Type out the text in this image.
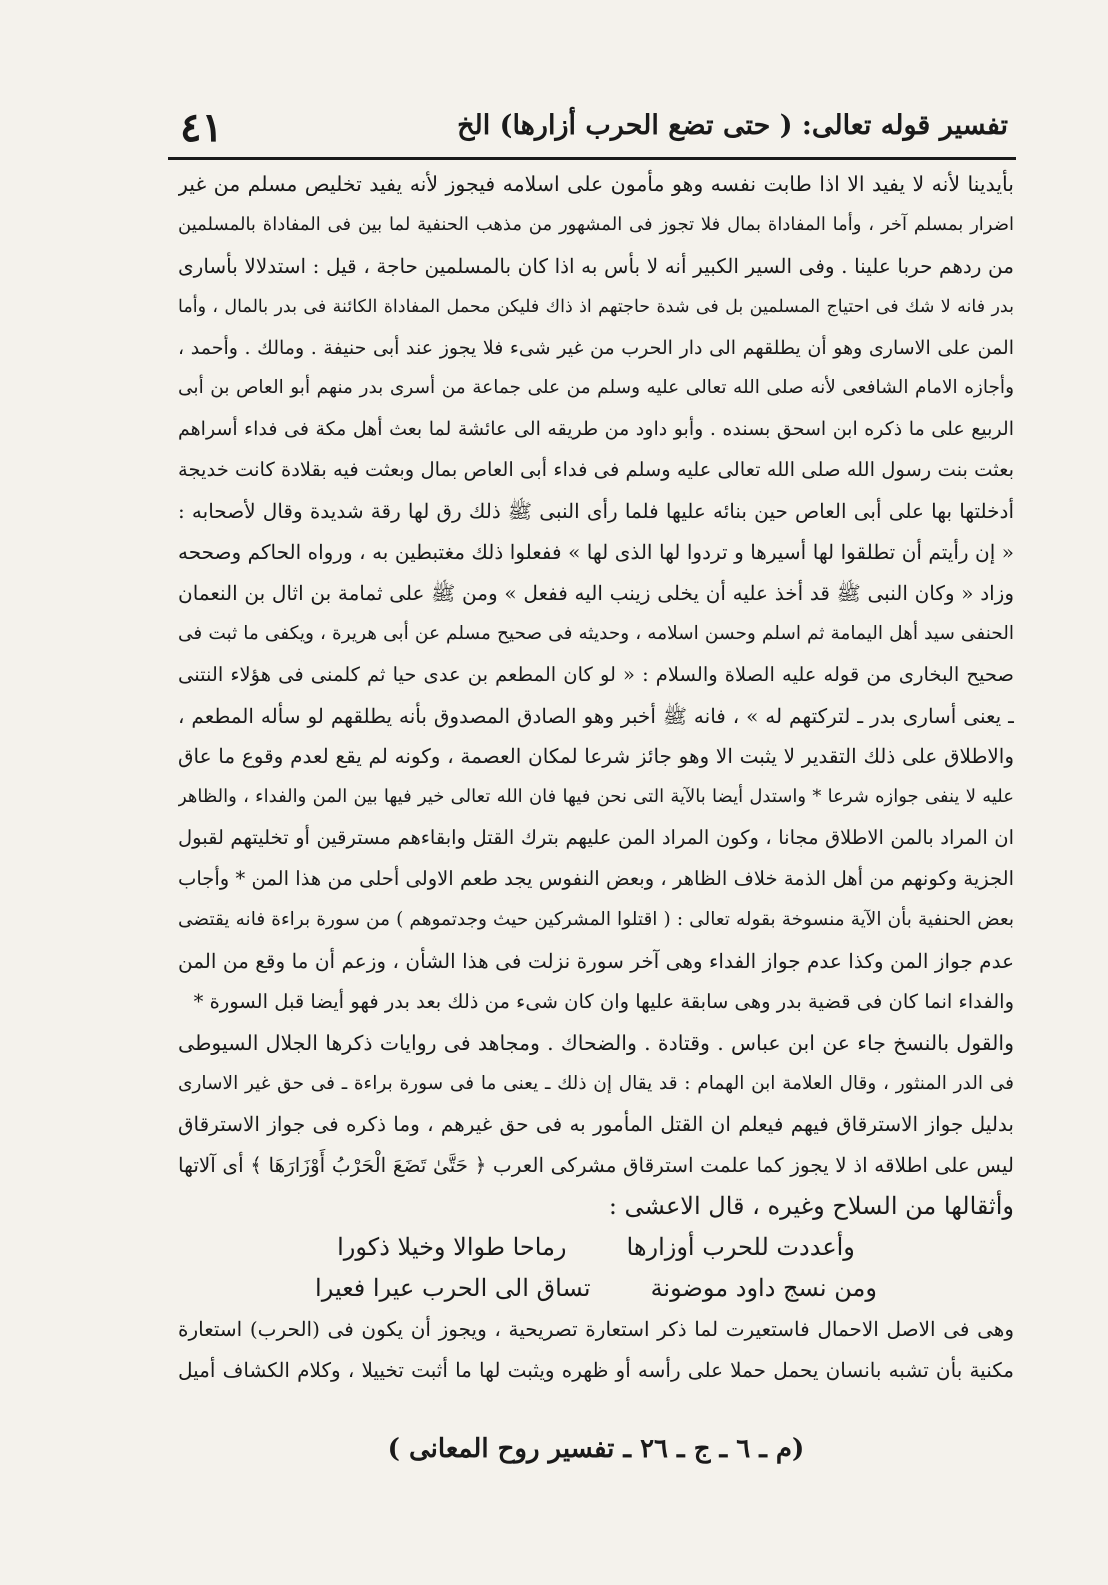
٤١	تفسير قوله تعالى: ( حتى تضع الحرب أزارها) الخ
بأيدينا لأنه لا يفيد الا اذا طابت نفسه وهو مأمون على اسلامه فيجوز لأنه يفيد تخليص مسلم من غير
اضرار بمسلم آخر ، وأما المفاداة بمال فلا تجوز فى المشهور من مذهب الحنفية لما بين فى المفاداة بالمسلمين
من ردهم حربا علينا . وفى السير الكبير أنه لا بأس به اذا كان بالمسلمين حاجة ، قيل : استدلالا بأسارى
بدر فانه لا شك فى احتياج المسلمين بل فى شدة حاجتهم اذ ذاك فليكن محمل المفاداة الكائنة فى بدر بالمال ، وأما
المن على الاسارى وهو أن يطلقهم الى دار الحرب من غير شىء فلا يجوز عند أبى حنيفة . ومالك . وأحمد ،
وأجازه الامام الشافعى لأنه صلى الله تعالى عليه وسلم من على جماعة من أسرى بدر منهم أبو العاص بن أبى
الربيع على ما ذكره ابن اسحق بسنده . وأبو داود من طريقه الى عائشة لما بعث أهل مكة فى فداء أسراهم
بعثت بنت رسول الله صلى الله تعالى عليه وسلم فى فداء أبى العاص بمال وبعثت فيه بقلادة كانت خديجة
أدخلتها بها على أبى العاص حين بنائه عليها فلما رأى النبى ﷺ ذلك رق لها رقة شديدة وقال لأصحابه :
« إن رأيتم أن تطلقوا لها أسيرها و تردوا لها الذى لها » ففعلوا ذلك مغتبطين به ، ورواه الحاكم وصححه
وزاد « وكان النبى ﷺ قد أخذ عليه أن يخلى زينب اليه ففعل » ومن ﷺ على ثمامة بن اثال بن النعمان
الحنفى سيد أهل اليمامة ثم اسلم وحسن اسلامه ، وحديثه فى صحيح مسلم عن أبى هريرة ، ويكفى ما ثبت فى
صحيح البخارى من قوله عليه الصلاة والسلام : « لو كان المطعم بن عدى حيا ثم كلمنى فى هؤلاء النتنى
ـ يعنى أسارى بدر ـ لتركتهم له » ، فانه ﷺ أخبر وهو الصادق المصدوق بأنه يطلقهم لو سأله المطعم ،
والاطلاق على ذلك التقدير لا يثبت الا وهو جائز شرعا لمكان العصمة ، وكونه لم يقع لعدم وقوع ما عاق
عليه لا ينفى جوازه شرعا * واستدل أيضا بالآية التى نحن فيها فان الله تعالى خير فيها بين المن والفداء ، والظاهر
ان المراد بالمن الاطلاق مجانا ، وكون المراد المن عليهم بترك القتل وابقاءهم مسترقين أو تخليتهم لقبول
الجزية وكونهم من أهل الذمة خلاف الظاهر ، وبعض النفوس يجد طعم الاولى أحلى من هذا المن * وأجاب
بعض الحنفية بأن الآية منسوخة بقوله تعالى : ( اقتلوا المشركين حيث وجدتموهم ) من سورة براءة فانه يقتضى
عدم جواز المن وكذا عدم جواز الفداء وهى آخر سورة نزلت فى هذا الشأن ، وزعم أن ما وقع من المن
والفداء انما كان فى قضية بدر وهى سابقة عليها وان كان شىء من ذلك بعد بدر فهو أيضا قبل السورة *
والقول بالنسخ جاء عن ابن عباس . وقتادة . والضحاك . ومجاهد فى روايات ذكرها الجلال السيوطى
فى الدر المنثور ، وقال العلامة ابن الهمام : قد يقال إن ذلك ـ يعنى ما فى سورة براءة ـ فى حق غير الاسارى
بدليل جواز الاسترقاق فيهم فيعلم ان القتل المأمور به فى حق غيرهم ، وما ذكره فى جواز الاسترقاق
ليس على اطلاقه اذ لا يجوز كما علمت استرقاق مشركى العرب ﴿ حَتَّىٰ تَضَعَ الْحَرْبُ أَوْزَارَهَا ﴾ أى آلاتها
وأثقالها من السلاح وغيره ، قال الاعشى :
وأعددت للحرب أوزارها
رماحا طوالا وخيلا ذكورا
ومن نسج داود موضونة
تساق الى الحرب عيرا فعيرا
وهى فى الاصل الاحمال فاستعيرت لما ذكر استعارة تصريحية ، ويجوز أن يكون فى (الحرب) استعارة
مكنية بأن تشبه بانسان يحمل حملا على رأسه أو ظهره ويثبت لها ما أثبت تخييلا ، وكلام الكشاف أميل
(م ـ ٦ ـ ج ـ ٢٦ ـ تفسير روح المعانى )
